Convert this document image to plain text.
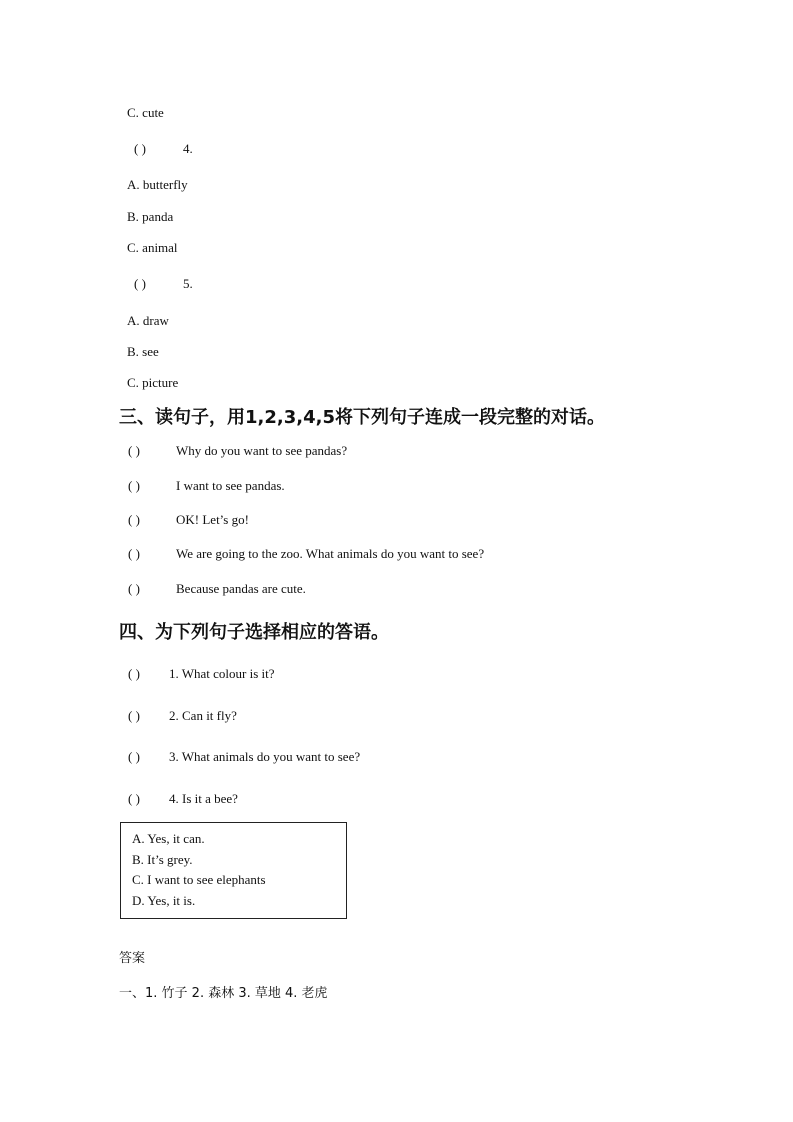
C. cute
( )	4.
A. butterfly
B. panda
C. animal
( )	5.
A. draw
B. see
C. picture
三、读句子，用1,2,3,4,5将下列句子连成一段完整的对话。
( )	Why do you want to see pandas?
( )	I want to see pandas.
( )	OK! Let’s go!
( )	We are going to the zoo. What animals do you want to see?
( )	Because pandas are cute.
四、为下列句子选择相应的答语。
( ) 1. What colour is it?
( ) 2. Can it fly?
( ) 3. What animals do you want to see?
( ) 4. Is it a bee?
A. Yes, it can.
B. It’s grey.
C. I want to see elephants
D. Yes, it is.
答案
一、1. 竹子 2. 森林 3. 草地 4. 老虎
